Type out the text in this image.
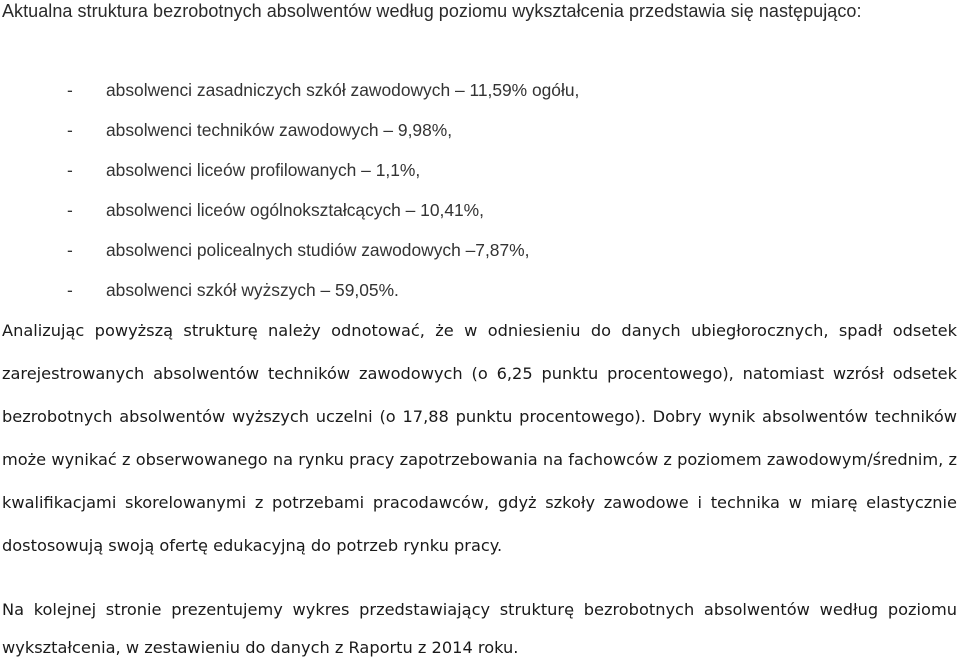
Aktualna struktura bezrobotnych absolwentów według poziomu wykształcenia przedstawia się następująco:

- absolwenci zasadniczych szkół zawodowych – 11,59% ogółu,
- absolwenci techników zawodowych – 9,98%,
- absolwenci liceów profilowanych – 1,1%,
- absolwenci liceów ogólnokształcących – 10,41%,
- absolwenci policealnych studiów zawodowych –7,87%,
- absolwenci szkół wyższych – 59,05%.

Analizując powyższą strukturę należy odnotować, że w odniesieniu do danych ubiegłorocznych, spadł odsetek zarejestrowanych absolwentów techników zawodowych (o 6,25 punktu procentowego), natomiast wzrósł odsetek bezrobotnych absolwentów wyższych uczelni (o 17,88 punktu procentowego). Dobry wynik absolwentów techników może wynikać z obserwowanego na rynku pracy zapotrzebowania na fachowców z poziomem zawodowym/średnim, z kwalifikacjami skorelowanymi z potrzebami pracodawców, gdyż szkoły zawodowe i technika w miarę elastycznie dostosowują swoją ofertę edukacyjną do potrzeb rynku pracy.

Na kolejnej stronie prezentujemy wykres przedstawiający strukturę bezrobotnych absolwentów według poziomu wykształcenia, w zestawieniu do danych z Raportu z 2014 roku.
